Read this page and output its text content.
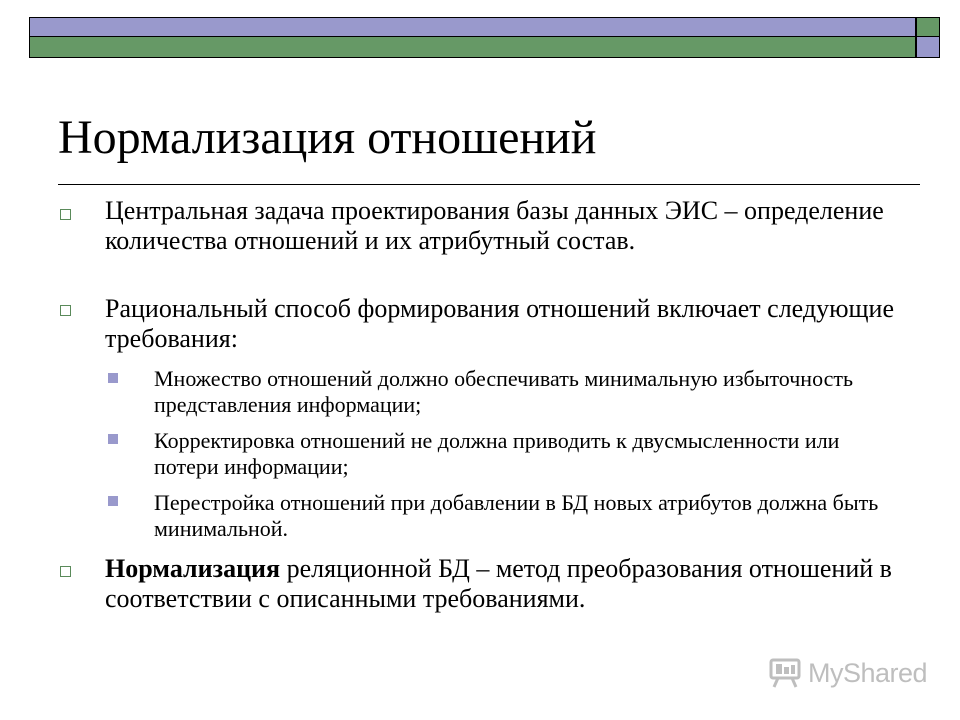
Нормализация отношений
Центральная задача проектирования базы данных ЭИС – определение количества отношений и их атрибутный состав.
Рациональный способ формирования отношений включает следующие требования:
Множество отношений должно обеспечивать минимальную избыточность представления информации;
Корректировка отношений не должна приводить к двусмысленности или потери информации;
Перестройка отношений при добавлении в БД новых атрибутов должна быть минимальной.
Нормализация реляционной БД – метод преобразования отношений в соответствии с описанными требованиями.
MyShared
